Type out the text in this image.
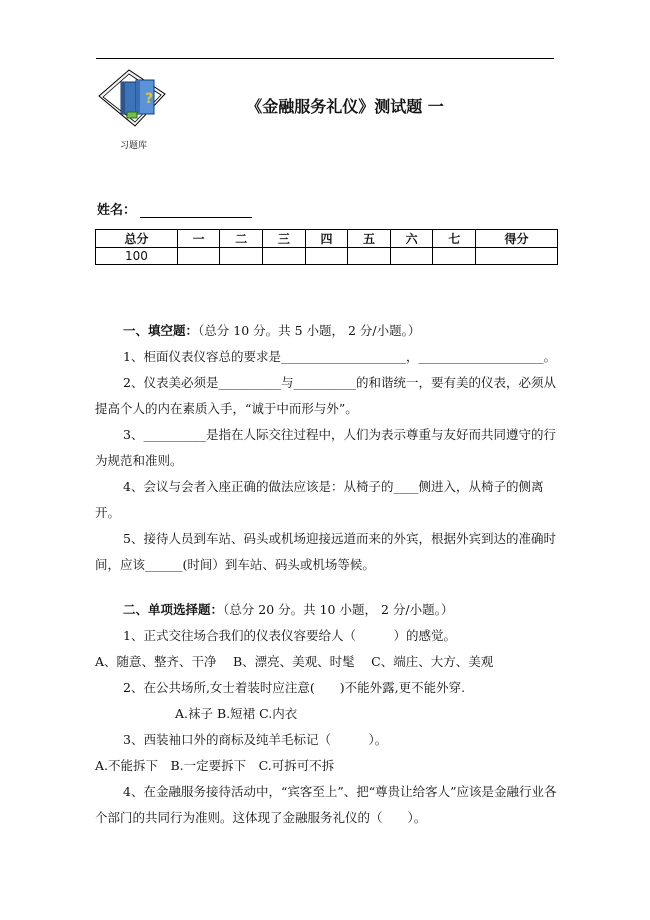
?
习题库
《金融服务礼仪》测试题 一
姓名：
总分	一	二	三	四	五	六	七	得分
100								
一、填空题：（总分 10 分。共 5 小题， 2 分/小题。）
1、柜面仪表仪容总的要求是____________________，____________________。
2、仪表美必须是__________与__________的和谐统一，要有美的仪表，必须从提高个人的内在素质入手，“诚于中而形与外”。
3、__________是指在人际交往过程中，人们为表示尊重与友好而共同遵守的行为规范和准则。
4、会议与会者入座正确的做法应该是：从椅子的____侧进入，从椅子的侧离开。
5、接待人员到车站、码头或机场迎接远道而来的外宾，根据外宾到达的准确时间，应该______(时间）到车站、码头或机场等候。
二、单项选择题：（总分 20 分。共 10 小题， 2 分/小题。）
1、正式交往场合我们的仪表仪容要给人（　　　）的感觉。
A、随意、整齐、干净　 B、漂亮、美观、时髦　 C、端庄、大方、美观
2、在公共场所,女士着装时应注意(　　)不能外露,更不能外穿.
A.袜子 B.短裙 C.内衣
3、西装袖口外的商标及纯羊毛标记（　　　）。
A.不能拆下　B.一定要拆下　C.可拆可不拆
4、在金融服务接待活动中，“宾客至上”、把“尊贵让给客人”应该是金融行业各个部门的共同行为准则。这体现了金融服务礼仪的（　　）。
